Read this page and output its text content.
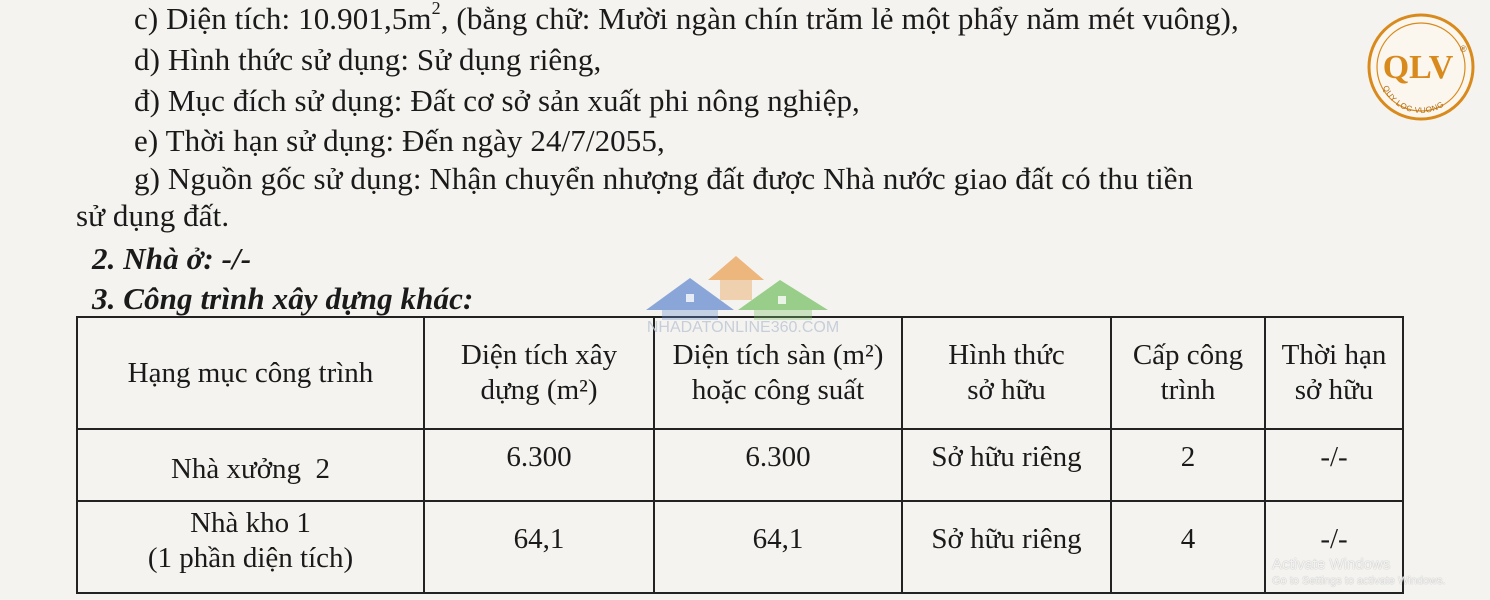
c) Diện tích: $10.901,5m^2$, (bằng chữ: Mười ngàn chín trăm lẻ một phẩy năm mét vuông),
d) Hình thức sử dụng: Sử dụng riêng,
đ) Mục đích sử dụng: Đất cơ sở sản xuất phi nông nghiệp,
e) Thời hạn sử dụng: Đến ngày 24/7/2055,
g) Nguồn gốc sử dụng: Nhận chuyển nhượng đất được Nhà nước giao đất có thu tiền
sử dụng đất.
2. Nhà ở: -/-
3. Công trình xây dựng khác:
Hạng mục công trình	Diện tích xây dựng (m²)	Diện tích sàn (m²) hoặc công suất	Hình thức sở hữu	Cấp công trình	Thời hạn sở hữu
Nhà xưởng  2	6.300	6.300	Sở hữu riêng	2	-/-

Nhà kho 1
(1 phần diện tích)	64,1	64,1	Sở hữu riêng	4	-/-
QLV ®
QUY LOC VUONG
NHADATONLINE360.COM
Activate Windows
Go to Settings to activate Windows.
